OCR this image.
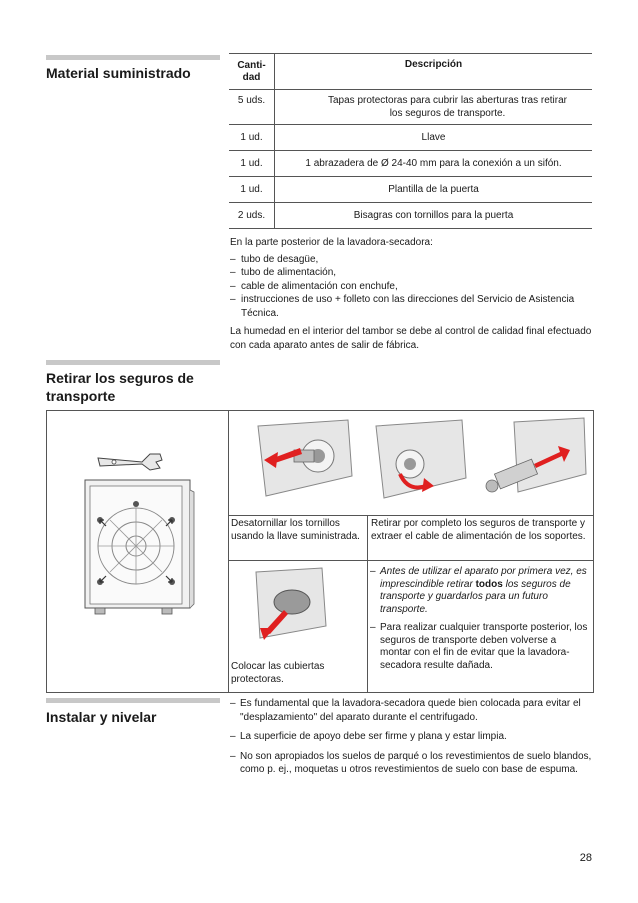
Material suministrado	Canti-
dad	Descripción
5 uds.	Tapas protectoras para cubrir las aberturas tras retirar los seguros de transporte.
1 ud.	Llave
1 ud.	1 abrazadera de Ø 24-40 mm para la conexión a un sifón.
1 ud.	Plantilla de la puerta
2 uds.	Bisagras con tornillos para la puerta
En la parte posterior de la lavadora-secadora:
– tubo de desagüe,
– tubo de alimentación,
– cable de alimentación con enchufe,
– instrucciones de uso + folleto con las direcciones del Servicio de Asistencia Técnica.
La humedad en el interior del tambor se debe al control de calidad final efectuado con cada aparato antes de salir de fábrica.
Retirar los seguros de transporte
Desatornillar los tornillos usando la llave suministrada.
Retirar por completo los seguros de transporte y extraer el cable de alimentación de los soportes.
Colocar las cubiertas protectoras.
– Antes de utilizar el aparato por primera vez, es imprescindible retirar todos los seguros de transporte y guardarlos para un futuro transporte.
– Para realizar cualquier transporte posterior, los seguros de transporte deben volverse a montar con el fin de evitar que la lavadora-secadora resulte dañada.
Instalar y nivelar
– Es fundamental que la lavadora-secadora quede bien colocada para evitar el "desplazamiento" del aparato durante el centrifugado.
– La superficie de apoyo debe ser firme y plana y estar limpia.
– No son apropiados los suelos de parqué o los revestimientos de suelo blandos, como p. ej., moquetas u otros revestimientos de suelo con base de espuma.
28
